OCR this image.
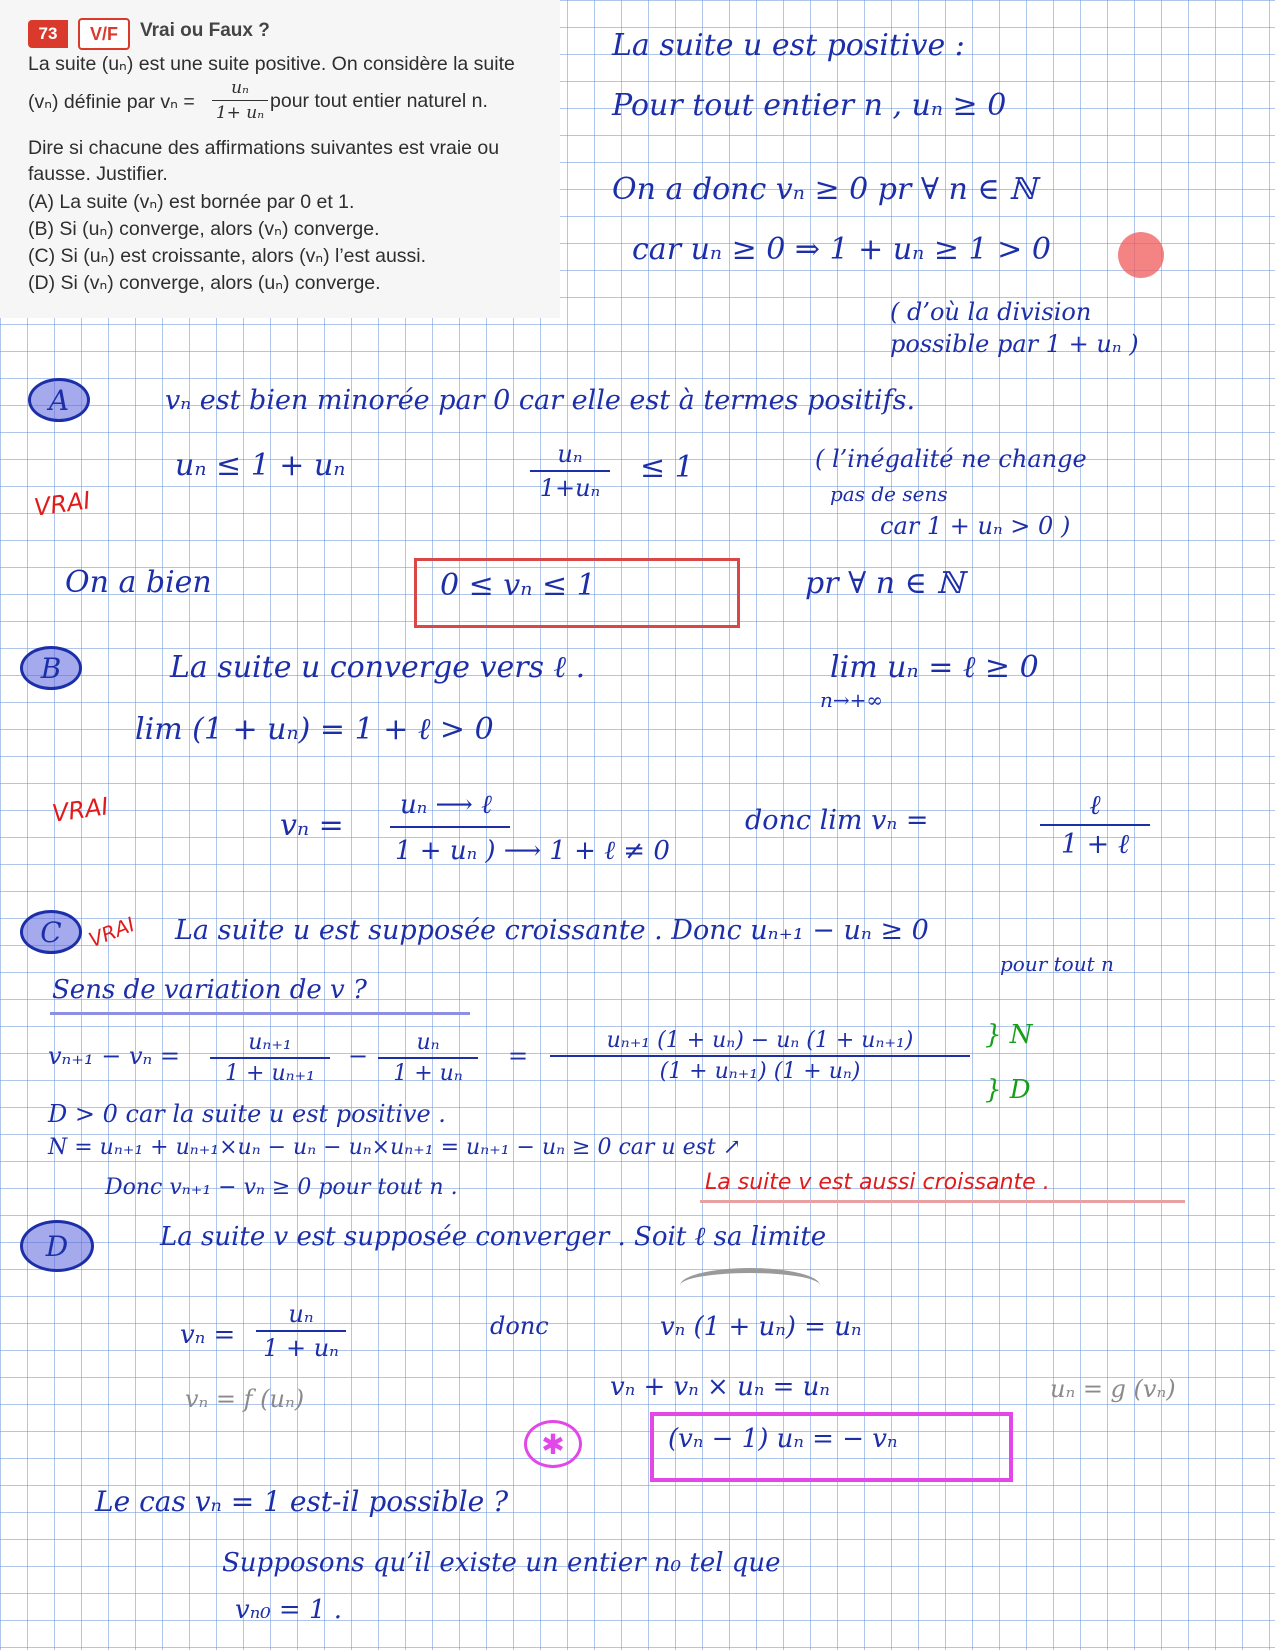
73	V/F	Vrai ou Faux ?
La suite (uₙ) est une suite positive. On considère la suite
(vₙ) définie par vₙ =
uₙ
1+ uₙ
pour tout entier naturel n.
Dire si chacune des affirmations suivantes est vraie ou
fausse. Justifier.
(A) La suite (vₙ) est bornée par 0 et 1.
(B) Si (uₙ) converge, alors (vₙ) converge.
(C) Si (uₙ) est croissante, alors (vₙ) l’est aussi.
(D) Si (vₙ) converge, alors (uₙ) converge.
La suite u est positive :
Pour tout entier n , uₙ ≥ 0
On a donc vₙ ≥ 0 pr ∀ n ∈ ℕ
car uₙ ≥ 0 ⇒ 1 + uₙ ≥ 1 > 0
( d’où la division
possible par 1 + uₙ )
A	vₙ est bien minorée par 0 car elle est à termes positifs.
uₙ ≤ 1 + uₙ	uₙ
1+uₙ
≤ 1	( l’inégalité ne change
pas de sens
car 1 + uₙ > 0 )
VRAI
On a bien	0 ≤ vₙ ≤ 1	pr ∀ n ∈ ℕ
B	La suite u converge vers ℓ .	lim uₙ = ℓ ≥ 0
n→+∞
lim (1 + uₙ) = 1 + ℓ > 0
VRAI	vₙ =
uₙ ⟶ ℓ
1 + uₙ ) ⟶ 1 + ℓ ≠ 0
donc lim vₙ =	ℓ
1 + ℓ
C	VRAI La suite u est supposée croissante . Donc uₙ₊₁ − uₙ ≥ 0
pour tout n
Sens de variation de v ?
vₙ₊₁ − vₙ =	uₙ₊₁
1 + uₙ₊₁
− uₙ
1 + uₙ
=
uₙ₊₁ (1 + uₙ) − uₙ (1 + uₙ₊₁)
(1 + uₙ₊₁) (1 + uₙ)
} N
} D
D > 0 car la suite u est positive .
N = uₙ₊₁ + uₙ₊₁×uₙ − uₙ − uₙ×uₙ₊₁ = uₙ₊₁ − uₙ ≥ 0 car u est ↗
Donc vₙ₊₁ − vₙ ≥ 0 pour tout n .	La suite v est aussi croissante .
D	La suite v est supposée converger . Soit ℓ sa limite
vₙ =
uₙ
1 + uₙ
donc	vₙ (1 + uₙ) = uₙ
vₙ = f (uₙ)	vₙ + vₙ × uₙ = uₙ	uₙ = g (vₙ)
✱	(vₙ − 1) uₙ = − vₙ
Le cas vₙ = 1 est-il possible ?
Supposons qu’il existe un entier n₀ tel que
vₙ₀ = 1 .
